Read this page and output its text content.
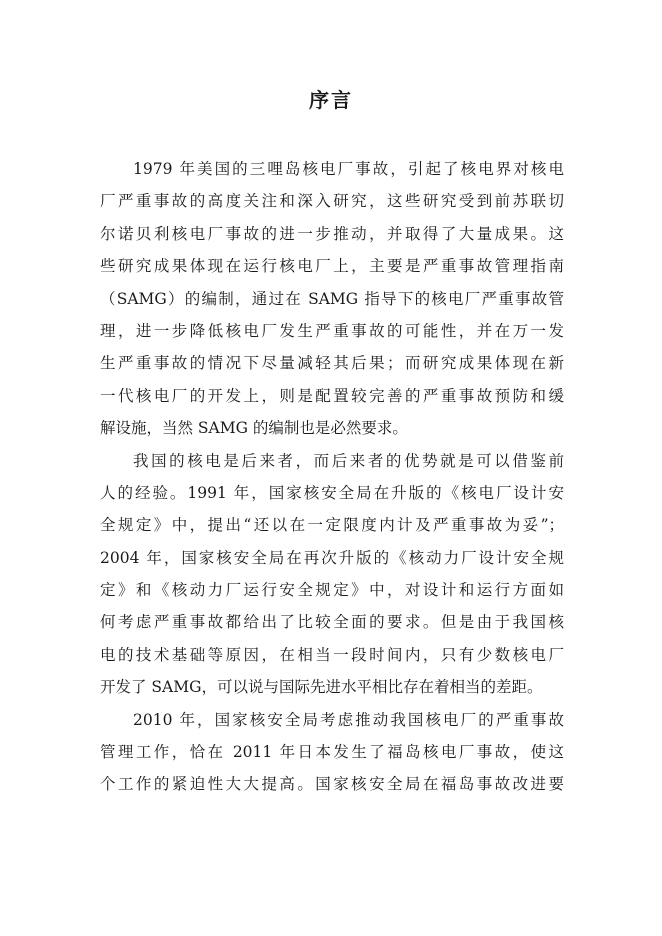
序言
1979 年美国的三哩岛核电厂事故，引起了核电界对核电
厂严重事故的高度关注和深入研究，这些研究受到前苏联切
尔诺贝利核电厂事故的进一步推动，并取得了大量成果。这
些研究成果体现在运行核电厂上，主要是严重事故管理指南
（SAMG）的编制，通过在 SAMG 指导下的核电厂严重事故管
理，进一步降低核电厂发生严重事故的可能性，并在万一发
生严重事故的情况下尽量减轻其后果；而研究成果体现在新
一代核电厂的开发上，则是配置较完善的严重事故预防和缓
解设施，当然 SAMG 的编制也是必然要求。
我国的核电是后来者，而后来者的优势就是可以借鉴前
人的经验。1991 年，国家核安全局在升版的《核电厂设计安
全规定》中，提出“还以在一定限度内计及严重事故为妥”；
2004 年，国家核安全局在再次升版的《核动力厂设计安全规
定》和《核动力厂运行安全规定》中，对设计和运行方面如
何考虑严重事故都给出了比较全面的要求。但是由于我国核
电的技术基础等原因，在相当一段时间内，只有少数核电厂
开发了 SAMG，可以说与国际先进水平相比存在着相当的差距。
2010 年，国家核安全局考虑推动我国核电厂的严重事故
管理工作，恰在 2011 年日本发生了福岛核电厂事故，使这
个工作的紧迫性大大提高。国家核安全局在福岛事故改进要
